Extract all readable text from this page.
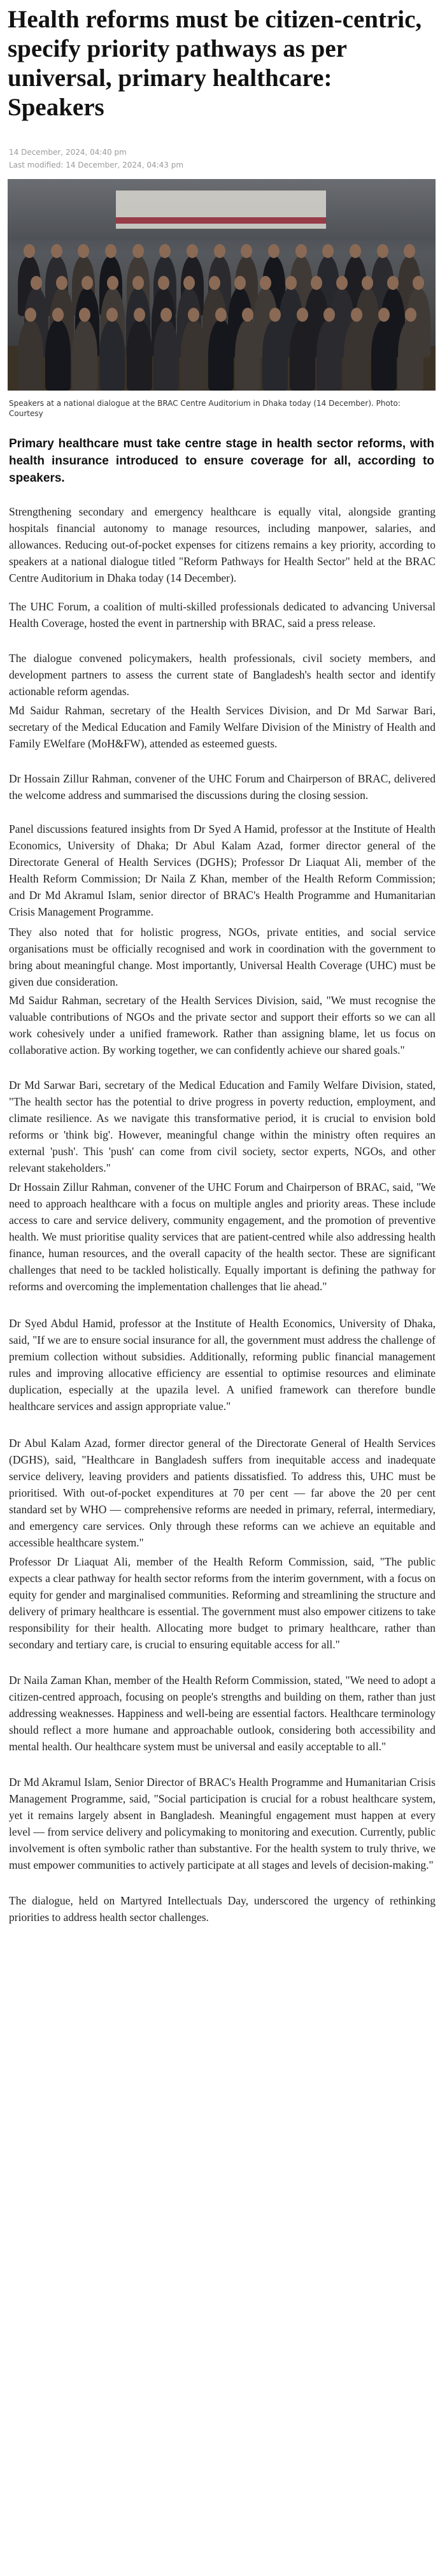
Health reforms must be citizen-centric, specify priority pathways as per universal, primary healthcare: Speakers
14 December, 2024, 04:40 pm
Last modified: 14 December, 2024, 04:43 pm
Speakers at a national dialogue at the BRAC Centre Auditorium in Dhaka today (14 December). Photo: Courtesy

Primary healthcare must take centre stage in health sector reforms, with health insurance introduced to ensure coverage for all, according to speakers.

Strengthening secondary and emergency healthcare is equally vital, alongside granting hospitals financial autonomy to manage resources, including manpower, salaries, and allowances. Reducing out-of-pocket expenses for citizens remains a key priority, according to speakers at a national dialogue titled "Reform Pathways for Health Sector" held at the BRAC Centre Auditorium in Dhaka today (14 December).

The UHC Forum, a coalition of multi-skilled professionals dedicated to advancing Universal Health Coverage, hosted the event in partnership with BRAC, said a press release.

The dialogue convened policymakers, health professionals, civil society members, and development partners to assess the current state of Bangladesh's health sector and identify actionable reform agendas.

Md Saidur Rahman, secretary of the Health Services Division, and Dr Md Sarwar Bari, secretary of the Medical Education and Family Welfare Division of the Ministry of Health and Family EWelfare (MoH&FW), attended as esteemed guests.

Dr Hossain Zillur Rahman, convener of the UHC Forum and Chairperson of BRAC, delivered the welcome address and summarised the discussions during the closing session.

Panel discussions featured insights from Dr Syed A Hamid, professor at the Institute of Health Economics, University of Dhaka; Dr Abul Kalam Azad, former director general of the Directorate General of Health Services (DGHS); Professor Dr Liaquat Ali, member of the Health Reform Commission; Dr Naila Z Khan, member of the Health Reform Commission; and Dr Md Akramul Islam, senior director of BRAC's Health Programme and Humanitarian Crisis Management Programme.

They also noted that for holistic progress, NGOs, private entities, and social service organisations must be officially recognised and work in coordination with the government to bring about meaningful change. Most importantly, Universal Health Coverage (UHC) must be given due consideration.

Md Saidur Rahman, secretary of the Health Services Division, said, "We must recognise the valuable contributions of NGOs and the private sector and support their efforts so we can all work cohesively under a unified framework. Rather than assigning blame, let us focus on collaborative action. By working together, we can confidently achieve our shared goals."

Dr Md Sarwar Bari, secretary of the Medical Education and Family Welfare Division, stated, "The health sector has the potential to drive progress in poverty reduction, employment, and climate resilience. As we navigate this transformative period, it is crucial to envision bold reforms or 'think big'. However, meaningful change within the ministry often requires an external 'push'. This 'push' can come from civil society, sector experts, NGOs, and other relevant stakeholders."

Dr Hossain Zillur Rahman, convener of the UHC Forum and Chairperson of BRAC, said, "We need to approach healthcare with a focus on multiple angles and priority areas. These include access to care and service delivery, community engagement, and the promotion of preventive health. We must prioritise quality services that are patient-centred while also addressing health finance, human resources, and the overall capacity of the health sector. These are significant challenges that need to be tackled holistically. Equally important is defining the pathway for reforms and overcoming the implementation challenges that lie ahead."

Dr Syed Abdul Hamid, professor at the Institute of Health Economics, University of Dhaka, said, "If we are to ensure social insurance for all, the government must address the challenge of premium collection without subsidies. Additionally, reforming public financial management rules and improving allocative efficiency are essential to optimise resources and eliminate duplication, especially at the upazila level. A unified framework can therefore bundle healthcare services and assign appropriate value."

Dr Abul Kalam Azad, former director general of the Directorate General of Health Services (DGHS), said, "Healthcare in Bangladesh suffers from inequitable access and inadequate service delivery, leaving providers and patients dissatisfied. To address this, UHC must be prioritised. With out-of-pocket expenditures at 70 per cent — far above the 20 per cent standard set by WHO — comprehensive reforms are needed in primary, referral, intermediary, and emergency care services. Only through these reforms can we achieve an equitable and accessible healthcare system."

Professor Dr Liaquat Ali, member of the Health Reform Commission, said, "The public expects a clear pathway for health sector reforms from the interim government, with a focus on equity for gender and marginalised communities. Reforming and streamlining the structure and delivery of primary healthcare is essential. The government must also empower citizens to take responsibility for their health. Allocating more budget to primary healthcare, rather than secondary and tertiary care, is crucial to ensuring equitable access for all."

Dr Naila Zaman Khan, member of the Health Reform Commission, stated, "We need to adopt a citizen-centred approach, focusing on people's strengths and building on them, rather than just addressing weaknesses. Happiness and well-being are essential factors. Healthcare terminology should reflect a more humane and approachable outlook, considering both accessibility and mental health. Our healthcare system must be universal and easily acceptable to all."

Dr Md Akramul Islam, Senior Director of BRAC's Health Programme and Humanitarian Crisis Management Programme, said, "Social participation is crucial for a robust healthcare system, yet it remains largely absent in Bangladesh. Meaningful engagement must happen at every level — from service delivery and policymaking to monitoring and execution. Currently, public involvement is often symbolic rather than substantive. For the health system to truly thrive, we must empower communities to actively participate at all stages and levels of decision-making."

The dialogue, held on Martyred Intellectuals Day, underscored the urgency of rethinking priorities to address health sector challenges.
